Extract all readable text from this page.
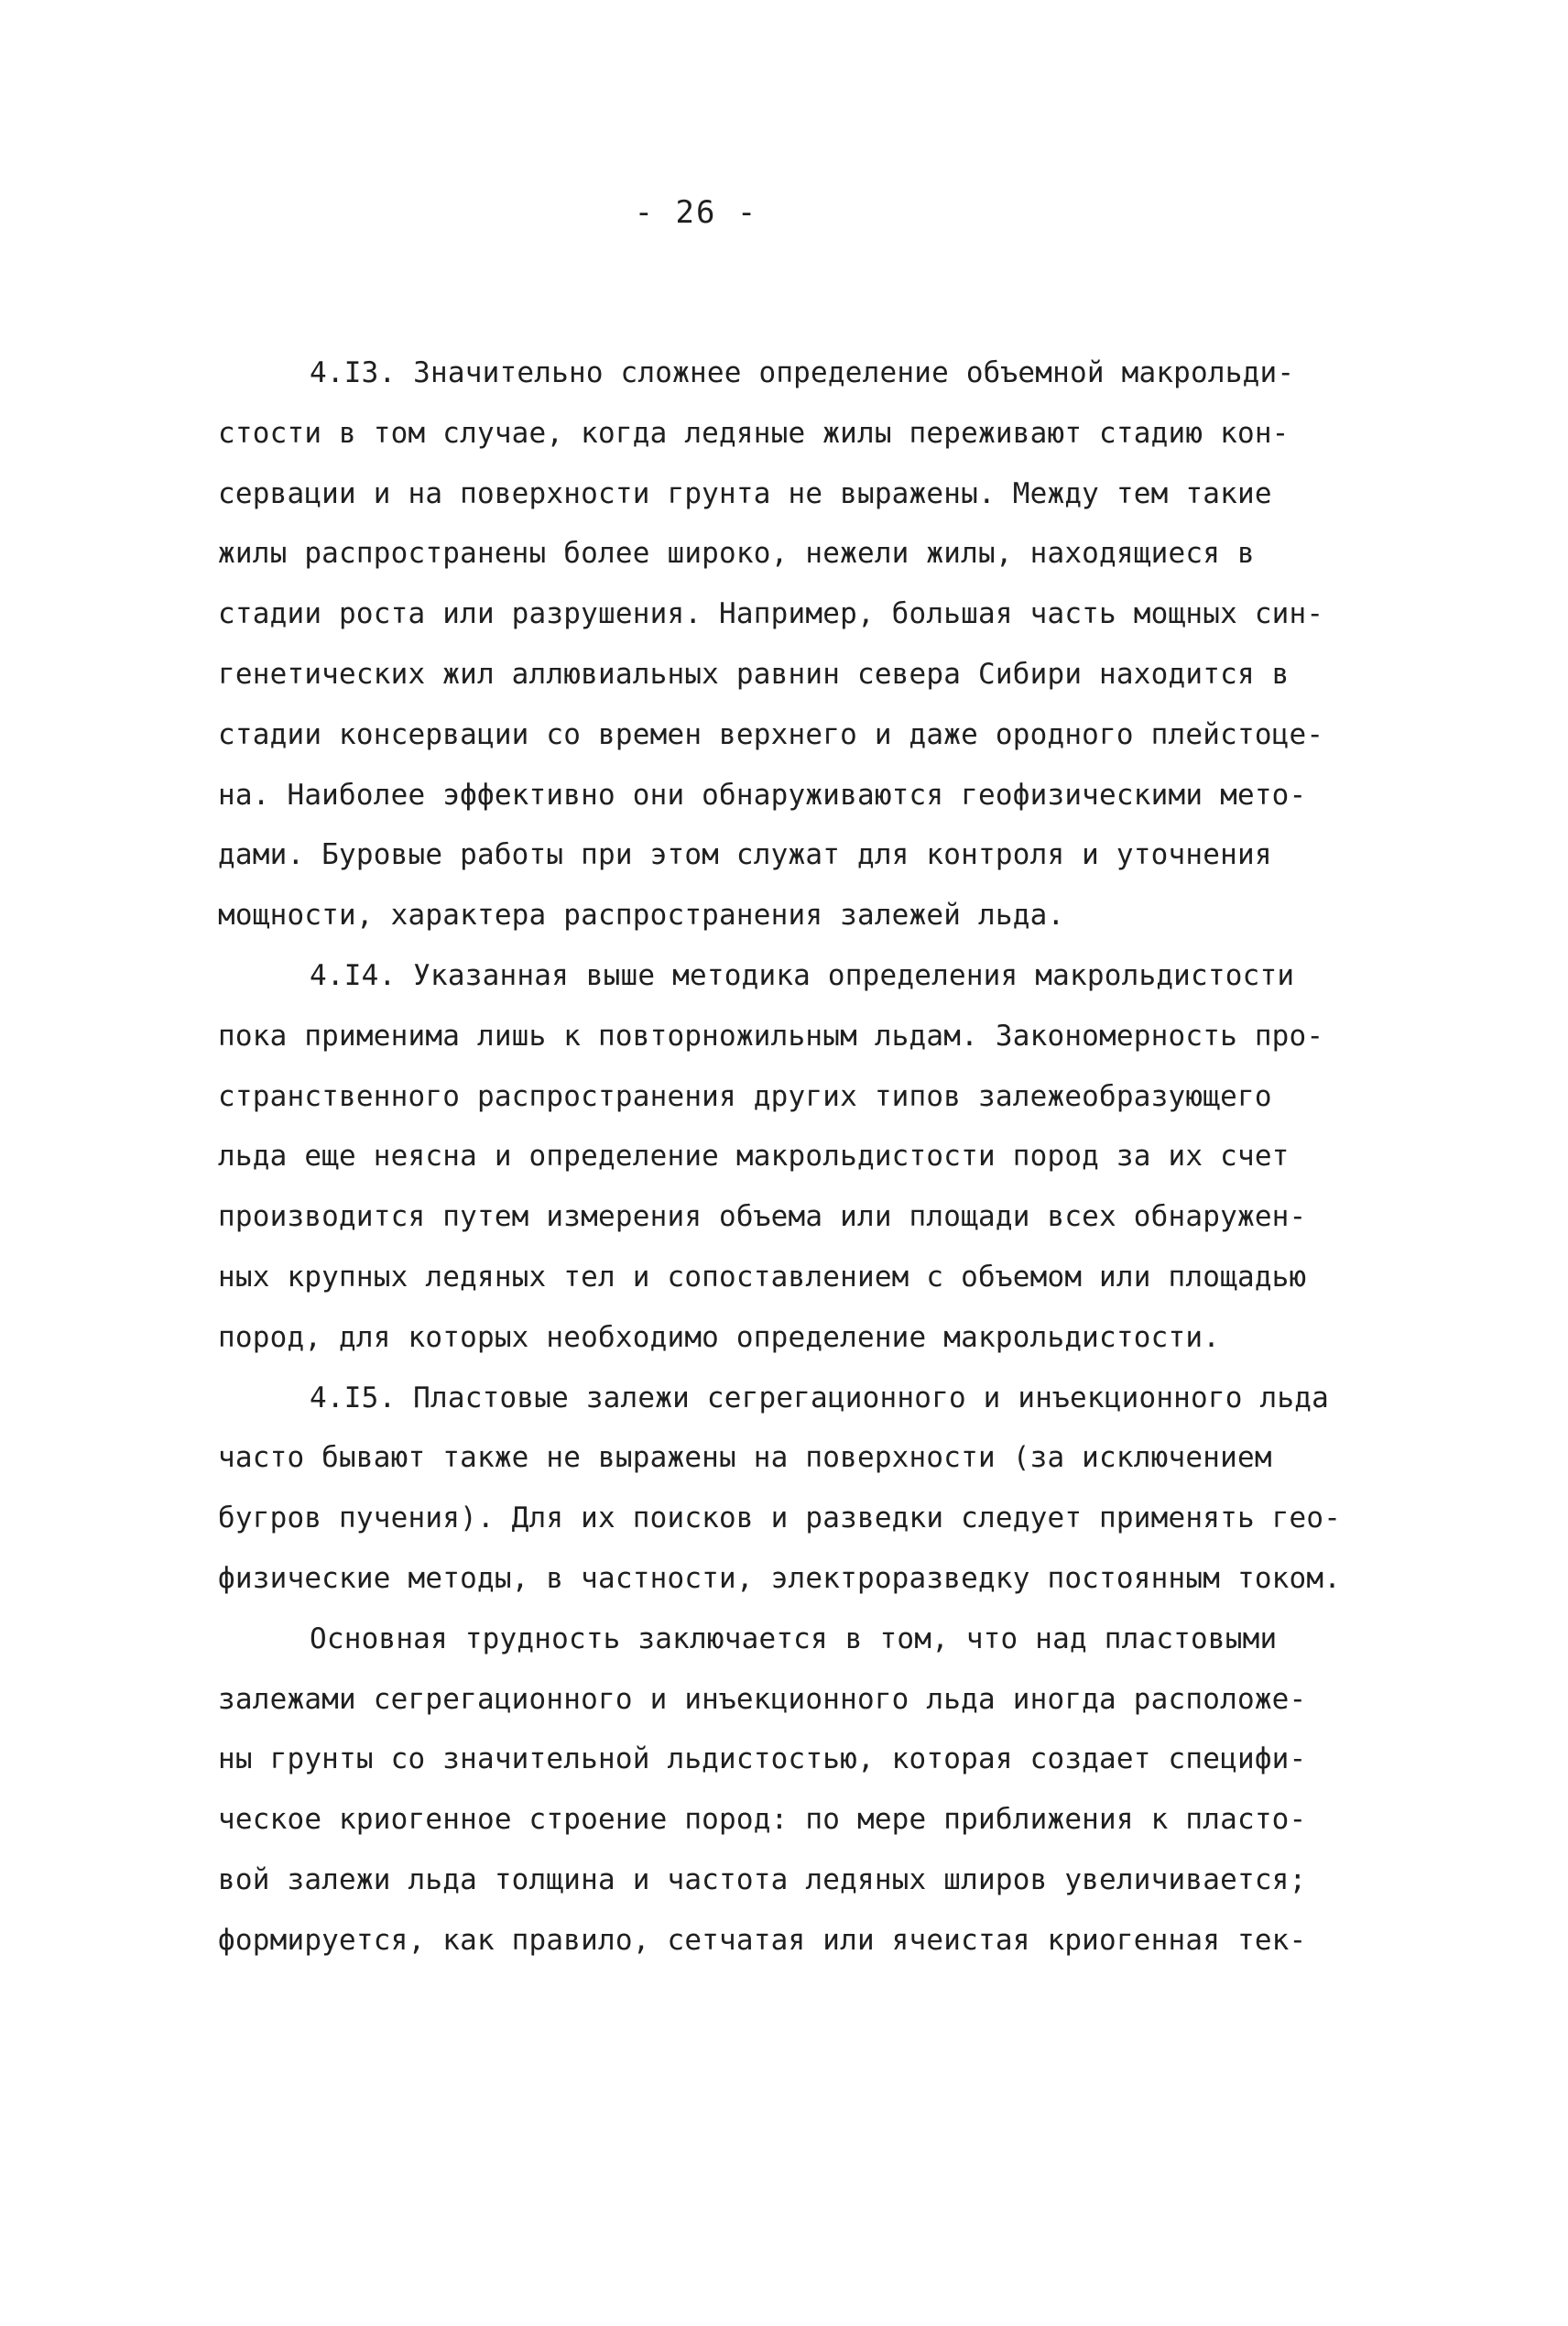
- 26 -
4.I3. Значительно сложнее определение объемной макрольди-
стости в том случае, когда ледяные жилы переживают стадию кон-
сервации и на поверхности грунта не выражены. Между тем такие
жилы распространены более широко, нежели жилы, находящиеся в
стадии роста или разрушения. Например, большая часть мощных син-
генетических жил аллювиальных равнин севера Сибири находится в
стадии консервации со времен верхнего и даже ородного плейстоце-
на. Наиболее эффективно они обнаруживаются геофизическими мето-
дами. Буровые работы при этом служат для контроля и уточнения
мощности, характера распространения залежей льда.
4.I4. Указанная выше методика определения макрольдистости
пока применима лишь к повторножильным льдам. Закономерность про-
странственного распространения других типов залежеобразующего
льда еще неясна и определение макрольдистости пород за их счет
производится путем измерения объема или площади всех обнаружен-
ных крупных ледяных тел и сопоставлением с объемом или площадью
пород, для которых необходимо определение макрольдистости.
4.I5. Пластовые залежи сегрегационного и инъекционного льда
часто бывают также не выражены на поверхности (за исключением
бугров пучения). Для их поисков и разведки следует применять гео-
физические методы, в частности, электроразведку постоянным током.
Основная трудность заключается в том, что над пластовыми
залежами сегрегационного и инъекционного льда иногда расположе-
ны грунты со значительной льдистостью, которая создает специфи-
ческое криогенное строение пород: по мере приближения к пласто-
вой залежи льда толщина и частота ледяных шлиров увеличивается;
формируется, как правило, сетчатая или ячеистая криогенная тек-
